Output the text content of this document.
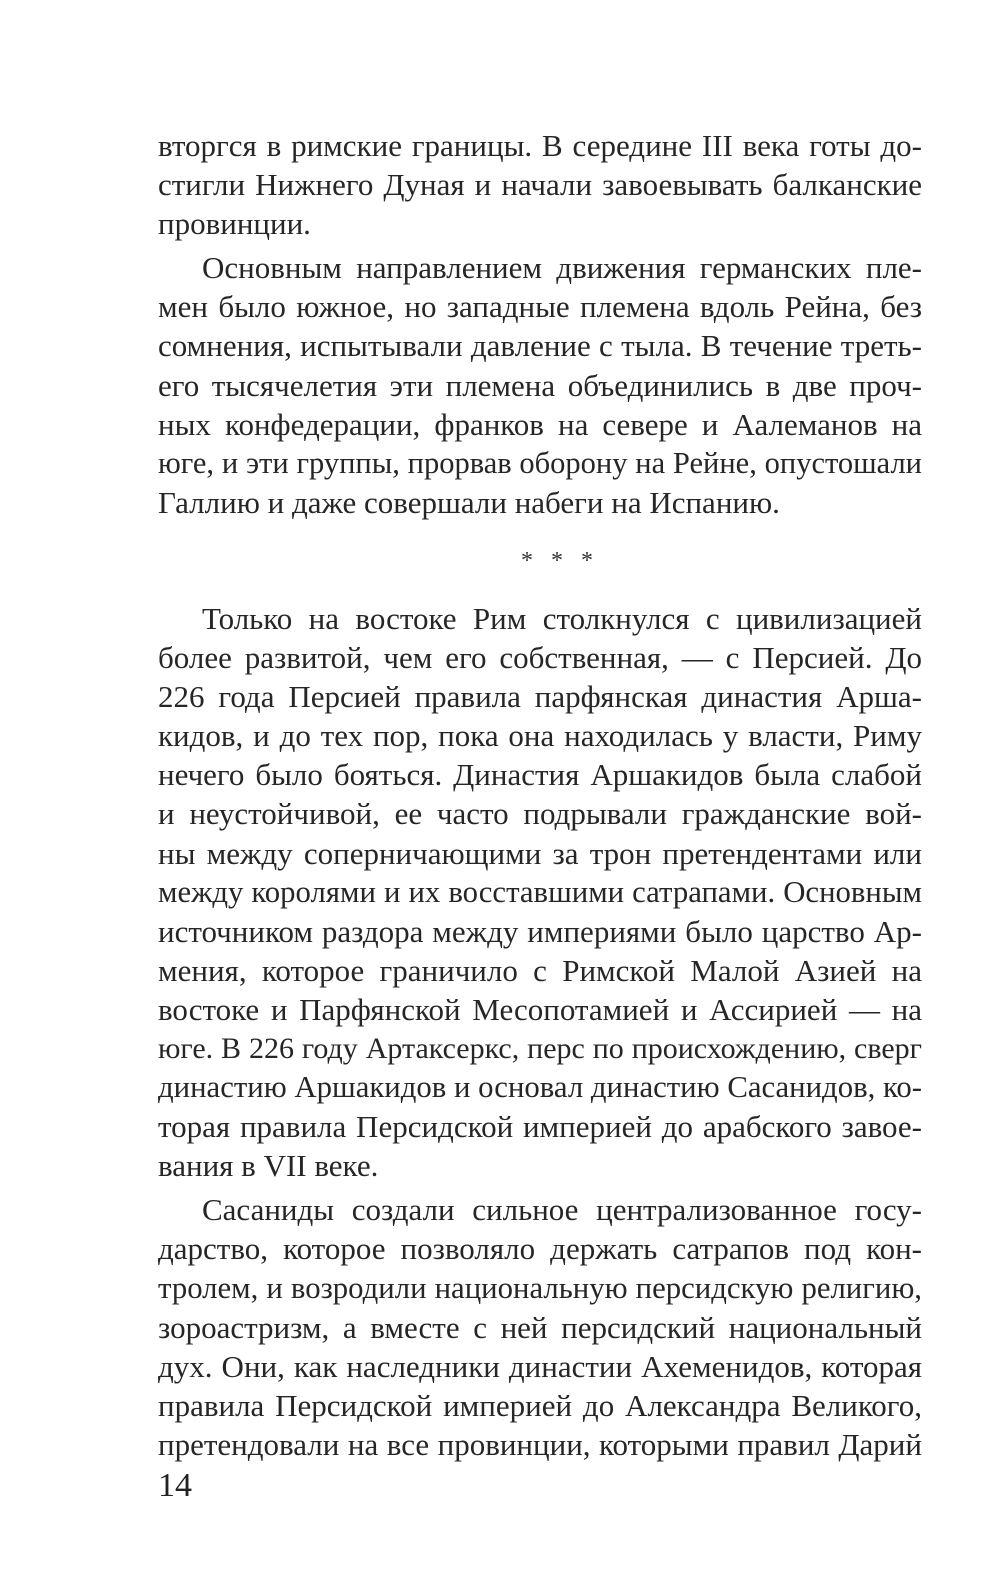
вторгся в римские границы. В середине III века готы до-
стигли Нижнего Дуная и начали завоевывать балканские
провинции.
Основным направлением движения германских пле-
мен было южное, но западные племена вдоль Рейна, без
сомнения, испытывали давление с тыла. В течение треть-
его тысячелетия эти племена объединились в две проч-
ных конфедерации, франков на севере и Аалеманов на
юге, и эти группы, прорвав оборону на Рейне, опустошали
Галлию и даже совершали набеги на Испанию.
* * *
Только на востоке Рим столкнулся с цивилизацией
более развитой, чем его собственная, — с Персией. До
226 года Персией правила парфянская династия Арша-
кидов, и до тех пор, пока она находилась у власти, Риму
нечего было бояться. Династия Аршакидов была слабой
и неустойчивой, ее часто подрывали гражданские вой-
ны между соперничающими за трон претендентами или
между королями и их восставшими сатрапами. Основным
источником раздора между империями было царство Ар-
мения, которое граничило с Римской Малой Азией на
востоке и Парфянской Месопотамией и Ассирией — на
юге. В 226 году Артаксеркс, перс по происхождению, сверг
династию Аршакидов и основал династию Сасанидов, ко-
торая правила Персидской империей до арабского завое-
вания в VII веке.
Сасаниды создали сильное централизованное госу-
дарство, которое позволяло держать сатрапов под кон-
тролем, и возродили национальную персидскую религию,
зороастризм, а вместе с ней персидский национальный
дух. Они, как наследники династии Ахеменидов, которая
правила Персидской империей до Александра Великого,
претендовали на все провинции, которыми правил Дарий
14
